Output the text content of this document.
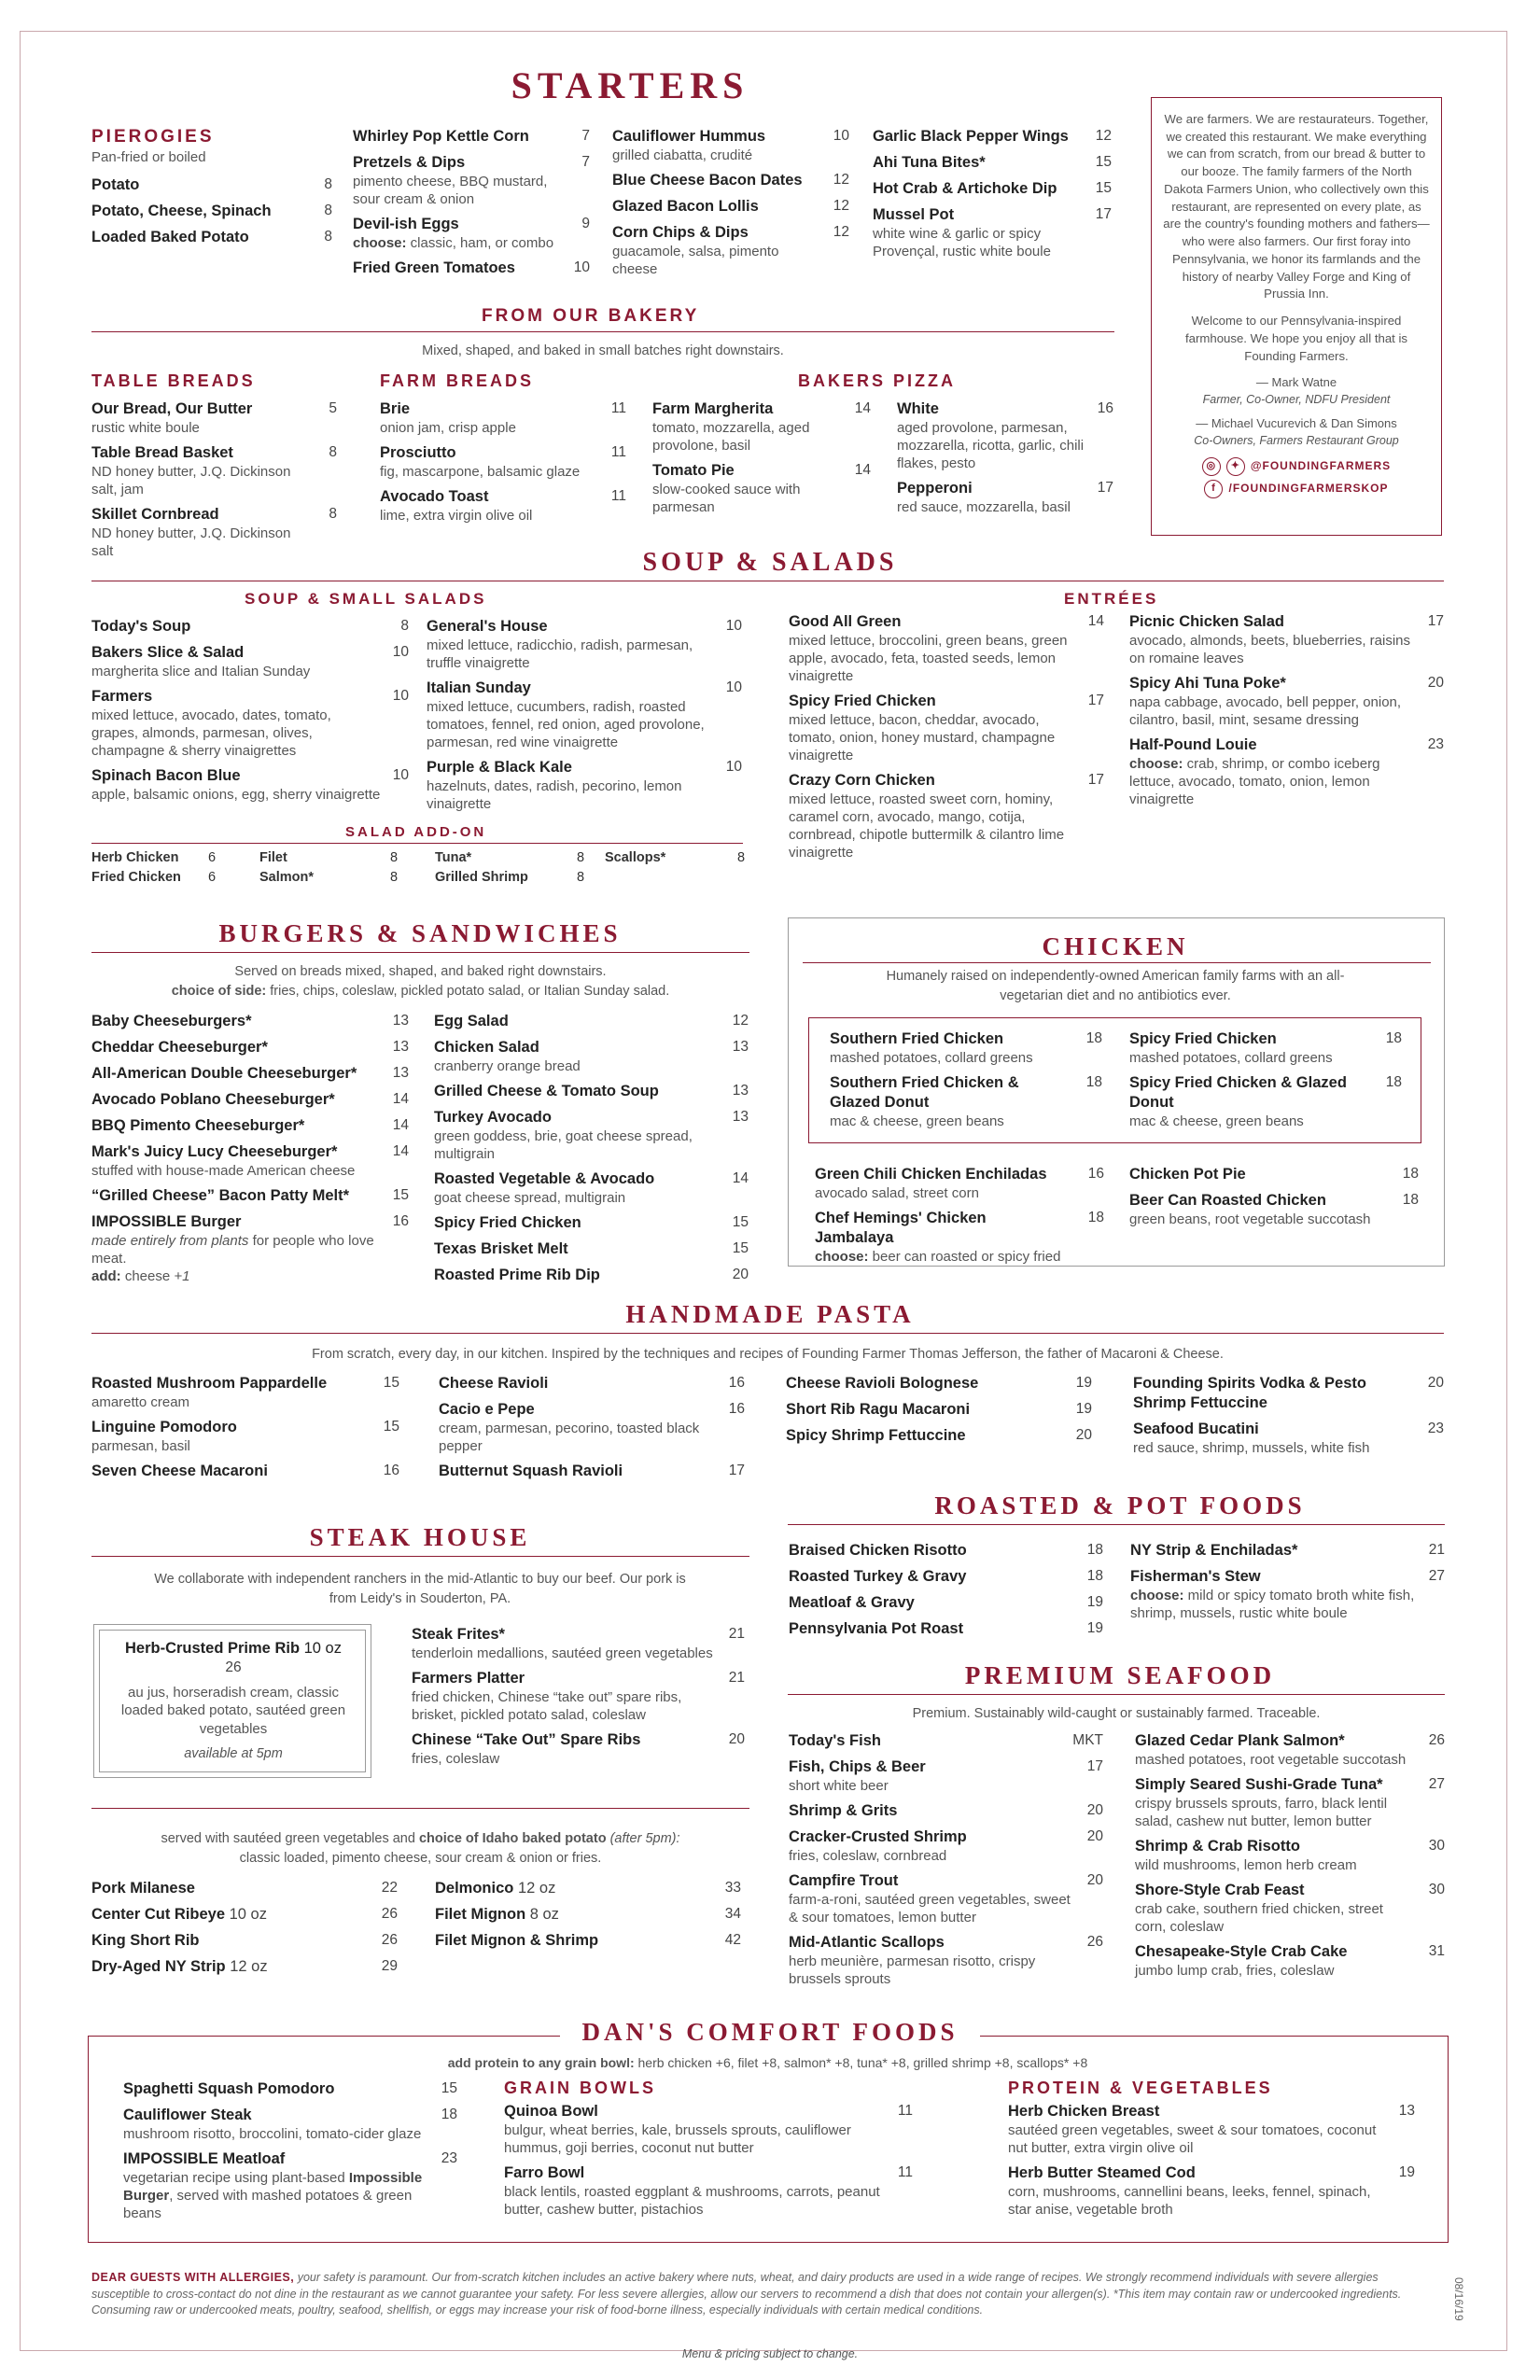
STARTERS
PIEROGIES
Pan-fried or boiled
Potato	8
Potato, Cheese, Spinach	8
Loaded Baked Potato	8
Whirley Pop Kettle Corn	7
Pretzels & Dips	7
pimento cheese, BBQ mustard, sour cream & onion
Devil-ish Eggs	9
choose: classic, ham, or combo
Fried Green Tomatoes	10
Cauliflower Hummus	10
grilled ciabatta, crudité
Blue Cheese Bacon Dates	12
Glazed Bacon Lollis	12
Corn Chips & Dips	12
guacamole, salsa, pimento cheese
Garlic Black Pepper Wings	12
Ahi Tuna Bites*	15
Hot Crab & Artichoke Dip	15
Mussel Pot	17
white wine & garlic or spicy Provençal, rustic white boule

We are farmers. We are restaurateurs. Together, we created this restaurant. We make everything we can from scratch, from our bread & butter to our booze. The family farmers of the North Dakota Farmers Union, who collectively own this restaurant, are represented on every plate, as are the country's founding mothers and fathers—who were also farmers. Our first foray into Pennsylvania, we honor its farmlands and the history of nearby Valley Forge and King of Prussia Inn.

Welcome to our Pennsylvania-inspired farmhouse. We hope you enjoy all that is Founding Farmers.

— Mark Watne

Farmer, Co-Owner, NDFU President

— Michael Vucurevich & Dan Simons

Co-Owners, Farmers Restaurant Group

◎	✦ @FOUNDINGFARMERS
f	/FOUNDINGFARMERSKOP
FROM OUR BAKERY
Mixed, shaped, and baked in small batches right downstairs.
TABLE BREADS
Our Bread, Our Butter	5
rustic white boule
Table Bread Basket	8
ND honey butter, J.Q. Dickinson salt, jam
Skillet Cornbread	8
ND honey butter, J.Q. Dickinson salt
FARM BREADS
Brie	11
onion jam, crisp apple
Prosciutto	11
fig, mascarpone, balsamic glaze
Avocado Toast	11
lime, extra virgin olive oil
BAKERS PIZZA
Farm Margherita	14
tomato, mozzarella, aged provolone, basil
Tomato Pie	14
slow-cooked sauce with parmesan
White	16
aged provolone, parmesan, mozzarella, ricotta, garlic, chili flakes, pesto
Pepperoni	17
red sauce, mozzarella, basil
SOUP & SALADS
SOUP & SMALL SALADS
Today's Soup	8
Bakers Slice & Salad	10
margherita slice and Italian Sunday
Farmers	10
mixed lettuce, avocado, dates, tomato, grapes, almonds, parmesan, olives, champagne & sherry vinaigrettes
Spinach Bacon Blue	10
apple, balsamic onions, egg, sherry vinaigrette
General's House	10
mixed lettuce, radicchio, radish, parmesan, truffle vinaigrette
Italian Sunday	10
mixed lettuce, cucumbers, radish, roasted tomatoes, fennel, red onion, aged provolone, parmesan, red wine vinaigrette
Purple & Black Kale	10
hazelnuts, dates, radish, pecorino, lemon vinaigrette
SALAD ADD-ON
Herb Chicken 6	Filet	8	Tuna*	8 Scallops*	8
Fried Chicken 6	Salmon*	8	Grilled Shrimp	8
ENTRÉES
Good All Green	14
mixed lettuce, broccolini, green beans, green apple, avocado, feta, toasted seeds, lemon vinaigrette
Spicy Fried Chicken	17
mixed lettuce, bacon, cheddar, avocado, tomato, onion, honey mustard, champagne vinaigrette
Crazy Corn Chicken	17
mixed lettuce, roasted sweet corn, hominy, caramel corn, avocado, mango, cotija, cornbread, chipotle buttermilk & cilantro lime vinaigrette
Picnic Chicken Salad	17
avocado, almonds, beets, blueberries, raisins on romaine leaves
Spicy Ahi Tuna Poke*	20
napa cabbage, avocado, bell pepper, onion, cilantro, basil, mint, sesame dressing
Half-Pound Louie	23
choose: crab, shrimp, or combo iceberg lettuce, avocado, tomato, onion, lemon vinaigrette
BURGERS & SANDWICHES
Served on breads mixed, shaped, and baked right downstairs.
choice of side: fries, chips, coleslaw, pickled potato salad, or Italian Sunday salad.
Baby Cheeseburgers*	13
Cheddar Cheeseburger*	13
All-American Double Cheeseburger*	13
Avocado Poblano Cheeseburger*	14
BBQ Pimento Cheeseburger*	14
Mark's Juicy Lucy Cheeseburger*	14
stuffed with house-made American cheese
“Grilled Cheese” Bacon Patty Melt*	15
IMPOSSIBLE Burger	16
made entirely from plants for people who love meat.
add: cheese +1
Egg Salad	12
Chicken Salad	13
cranberry orange bread
Grilled Cheese & Tomato Soup	13
Turkey Avocado	13
green goddess, brie, goat cheese spread, multigrain
Roasted Vegetable & Avocado	14
goat cheese spread, multigrain
Spicy Fried Chicken	15
Texas Brisket Melt	15
Roasted Prime Rib Dip	20
CHICKEN
Humanely raised on independently-owned American family farms with an all-vegetarian diet and no antibiotics ever.
Southern Fried Chicken	18
mashed potatoes, collard greens
Southern Fried Chicken & Glazed Donut
18
mac & cheese, green beans
Spicy Fried Chicken	18
mashed potatoes, collard greens
Spicy Fried Chicken & Glazed Donut
18
mac & cheese, green beans
Green Chili Chicken Enchiladas	16
avocado salad, street corn
Chef Hemings' Chicken Jambalaya
18
choose: beer can roasted or spicy fried
Chicken Pot Pie	18
Beer Can Roasted Chicken	18
green beans, root vegetable succotash
HANDMADE PASTA
From scratch, every day, in our kitchen. Inspired by the techniques and recipes of Founding Farmer Thomas Jefferson, the father of Macaroni & Cheese.
Roasted Mushroom Pappardelle	15
amaretto cream
Linguine Pomodoro	15
parmesan, basil
Seven Cheese Macaroni	16
Cheese Ravioli	16
Cacio e Pepe	16
cream, parmesan, pecorino, toasted black pepper
Butternut Squash Ravioli	17
Cheese Ravioli Bolognese	19
Short Rib Ragu Macaroni	19
Spicy Shrimp Fettuccine	20
Founding Spirits Vodka & Pesto Shrimp Fettuccine
20
Seafood Bucatini	23
red sauce, shrimp, mussels, white fish
STEAK HOUSE
We collaborate with independent ranchers in the mid-Atlantic to buy our beef. Our pork is from Leidy's in Souderton, PA.
Herb-Crusted Prime Rib 10 oz
26
au jus, horseradish cream, classic loaded baked potato, sautéed green vegetables
available at 5pm
Steak Frites*	21
tenderloin medallions, sautéed green vegetables
Farmers Platter	21
fried chicken, Chinese “take out” spare ribs, brisket, pickled potato salad, coleslaw
Chinese “Take Out” Spare Ribs	20
fries, coleslaw
served with sautéed green vegetables and choice of Idaho baked potato (after 5pm):
classic loaded, pimento cheese, sour cream & onion or fries.
Pork Milanese	22
Center Cut Ribeye 10 oz	26
King Short Rib	26
Dry-Aged NY Strip 12 oz	29
Delmonico 12 oz	33
Filet Mignon 8 oz	34
Filet Mignon & Shrimp	42
ROASTED & POT FOODS
Braised Chicken Risotto	18
Roasted Turkey & Gravy	18
Meatloaf & Gravy	19
Pennsylvania Pot Roast	19
NY Strip & Enchiladas*	21
Fisherman's Stew	27
choose: mild or spicy tomato broth white fish, shrimp, mussels, rustic white boule
PREMIUM SEAFOOD
Premium. Sustainably wild-caught or sustainably farmed. Traceable.
Today's Fish	MKT
Fish, Chips & Beer	17
short white beer
Shrimp & Grits	20
Cracker-Crusted Shrimp	20
fries, coleslaw, cornbread
Campfire Trout	20
farm-a-roni, sautéed green vegetables, sweet & sour tomatoes, lemon butter
Mid-Atlantic Scallops	26
herb meunière, parmesan risotto, crispy brussels sprouts
Glazed Cedar Plank Salmon*	26
mashed potatoes, root vegetable succotash
Simply Seared Sushi-Grade Tuna*	27
crispy brussels sprouts, farro, black lentil salad, cashew nut butter, lemon butter
Shrimp & Crab Risotto	30
wild mushrooms, lemon herb cream
Shore-Style Crab Feast	30
crab cake, southern fried chicken, street corn, coleslaw
Chesapeake-Style Crab Cake	31
jumbo lump crab, fries, coleslaw
DAN'S COMFORT FOODS
add protein to any grain bowl: herb chicken +6, filet +8, salmon* +8, tuna* +8, grilled shrimp +8, scallops* +8
Spaghetti Squash Pomodoro	15
Cauliflower Steak	18
mushroom risotto, broccolini, tomato-cider glaze
IMPOSSIBLE Meatloaf	23
vegetarian recipe using plant-based Impossible Burger, served with mashed potatoes & green beans
GRAIN BOWLS
Quinoa Bowl	11
bulgur, wheat berries, kale, brussels sprouts, cauliflower hummus, goji berries, coconut nut butter
Farro Bowl	11
black lentils, roasted eggplant & mushrooms, carrots, peanut butter, cashew butter, pistachios
PROTEIN & VEGETABLES
Herb Chicken Breast	13
sautéed green vegetables, sweet & sour tomatoes, coconut nut butter, extra virgin olive oil
Herb Butter Steamed Cod	19
corn, mushrooms, cannellini beans, leeks, fennel, spinach, star anise, vegetable broth
DEAR GUESTS WITH ALLERGIES, your safety is paramount. Our from-scratch kitchen includes an active bakery where nuts, wheat, and dairy products are used in a wide range of recipes. We strongly recommend individuals with severe allergies susceptible to cross-contact do not dine in the restaurant as we cannot guarantee your safety. For less severe allergies, allow our servers to recommend a dish that does not contain your allergen(s). *This item may contain raw or undercooked ingredients. Consuming raw or undercooked meats, poultry, seafood, shellfish, or eggs may increase your risk of food-borne illness, especially individuals with certain medical conditions.
Menu & pricing subject to change.
08/16/19
